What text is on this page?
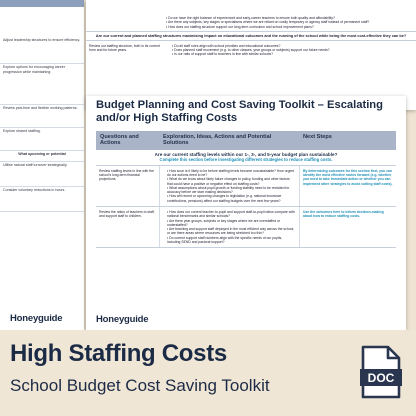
Adjust leadership structures to ensure efficiency.
Explore options for encouraging career progression while maintaining
Review part-time and flexible working patterns.
Explore shared staffing.
What upcoming or potential
Utilise natural staff turnover strategically.
Consider voluntary reductions in hours.
Honeyguide
• Do we have the right balance of experienced and early-career teachers to ensure both quality and affordability?
• Are there any subjects, key stages or specialisms where we are reliant on costly temporary or agency staff instead of permanent staff?
• How does our staffing structure support our long-term curriculum and school improvement plans?
Are our current and planned staffing structures maximising impact on educational outcomes and the running of the school while being the most cost-effective they can be?
Review our staffing structure, both in its current form and for future years.
• Do all staff roles align with school priorities and educational outcomes?
• Does planned staff movement (e.g. to other classes, year groups or subjects) support our future needs?
• Is our ratio of support staff to teachers in line with similar schools?
Budget Planning and Cost Saving Toolkit – Escalating and/or High Staffing Costs
Questions and Actions
Exploration, Ideas, Actions and Potential Solutions
Next Steps
Are our current staffing levels within our 1-, 3-, and 5-year budget plan sustainable?
Complete this section before investigating different strategies to reduce staffing costs.
Review staffing levels in line with the school's long-term financial projections.
• How soon is it likely to be before staffing levels become unsustainable? How urgent do our actions need to be?
• What do we know about likely future changes to policy, funding and other factors that could have a positive or negative effect on staffing costs?
• What assumptions about pupil growth or funding stability need to be revisited for accuracy before we start making decisions?
• How will recent or upcoming changes to legislation (e.g. national insurance contributions, pensions) affect our staffing budgets over the next few years?
By determining outcomes for this section first, you can identify the most effective routes forward (e.g. whether you need to take immediate action or whether you can implement other strategies to avoid cutting staff costs).
Review the ratios of teachers to staff, and support staff to children.
• How does our current teacher-to-pupil and support staff-to-pupil ratios compare with national benchmarks and similar schools?
• Are there year groups, subjects or key stages where we are overstaffed or understaffed?
• Are teaching and support staff deployed in the most efficient way across the school, or are there areas where resources are being stretched too thin?
• Do current support staff numbers align with the specific needs of our pupils, including SEND and pastoral support?
Use the outcomes here to inform decision-making about how to reduce staffing costs.
Honeyguide
High Staffing Costs
School Budget Cost Saving Toolkit	DOC
